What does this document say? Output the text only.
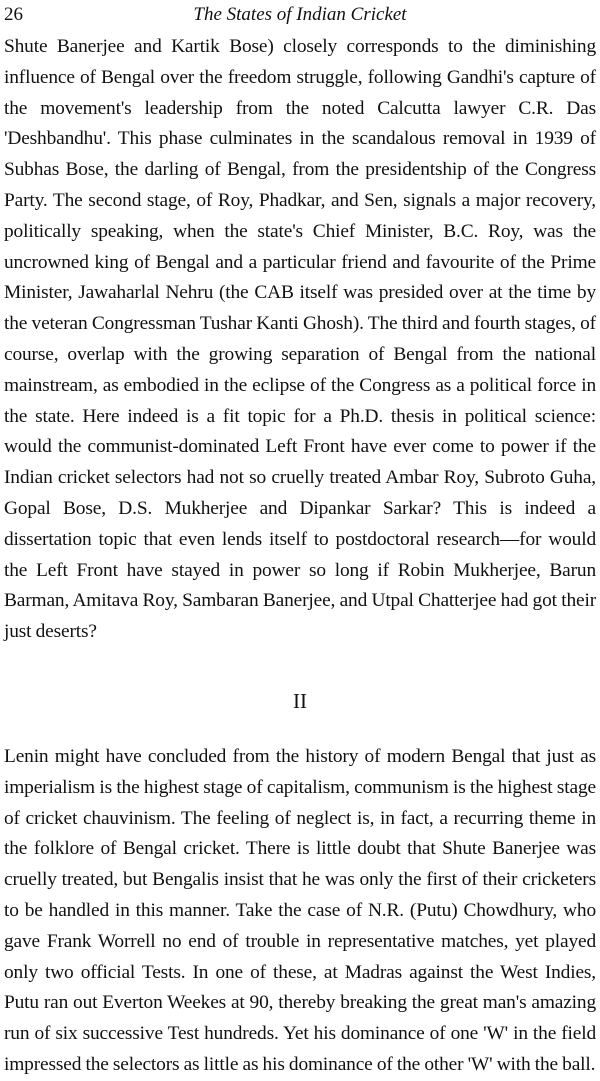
26	The States of Indian Cricket

Shute Banerjee and Kartik Bose) closely corresponds to the diminishing influence of Bengal over the freedom struggle, following Gandhi's capture of the movement's leadership from the noted Calcutta lawyer C.R. Das 'Deshbandhu'. This phase culminates in the scandalous removal in 1939 of Subhas Bose, the darling of Bengal, from the presidentship of the Congress Party. The second stage, of Roy, Phadkar, and Sen, signals a major recovery, politically speaking, when the state's Chief Minister, B.C. Roy, was the uncrowned king of Bengal and a particular friend and favourite of the Prime Minister, Jawaharlal Nehru (the CAB itself was presided over at the time by the veteran Congressman Tushar Kanti Ghosh). The third and fourth stages, of course, overlap with the growing separation of Bengal from the national mainstream, as embodied in the eclipse of the Congress as a political force in the state. Here indeed is a fit topic for a Ph.D. thesis in political science: would the communist-dominated Left Front have ever come to power if the Indian cricket selectors had not so cruelly treated Ambar Roy, Subroto Guha, Gopal Bose, D.S. Mukherjee and Dipankar Sarkar? This is indeed a dissertation topic that even lends itself to postdoctoral research—for would the Left Front have stayed in power so long if Robin Mukherjee, Barun Barman, Amitava Roy, Sambaran Banerjee, and Utpal Chatterjee had got their just deserts?

II

Lenin might have concluded from the history of modern Bengal that just as imperialism is the highest stage of capitalism, communism is the highest stage of cricket chauvinism. The feeling of neglect is, in fact, a recurring theme in the folklore of Bengal cricket. There is little doubt that Shute Banerjee was cruelly treated, but Bengalis insist that he was only the first of their cricketers to be handled in this manner. Take the case of N.R. (Putu) Chowdhury, who gave Frank Worrell no end of trouble in representative matches, yet played only two official Tests. In one of these, at Madras against the West Indies, Putu ran out Everton Weekes at 90, thereby breaking the great man's amazing run of six successive Test hundreds. Yet his dominance of one 'W' in the field impressed the selectors as little as his dominance of the other 'W' with the ball.
